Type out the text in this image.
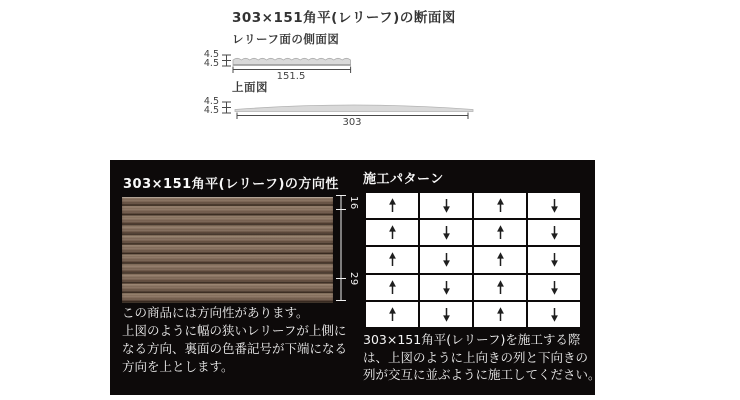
303×151角平(レリーフ)の断面図
レリーフ面の側面図
4.5
4.5
151.5
上面図
4.5
4.5
303
303×151角平(レリーフ)の方向性
16
29
この商品には方向性があります。
上図のように幅の狭いレリーフが上側に
なる方向、裏面の色番記号が下端になる
方向を上とします。
施工パターン
303×151角平(レリーフ)を施工する際
は、上図のように上向きの列と下向きの
列が交互に並ぶように施工してください。
